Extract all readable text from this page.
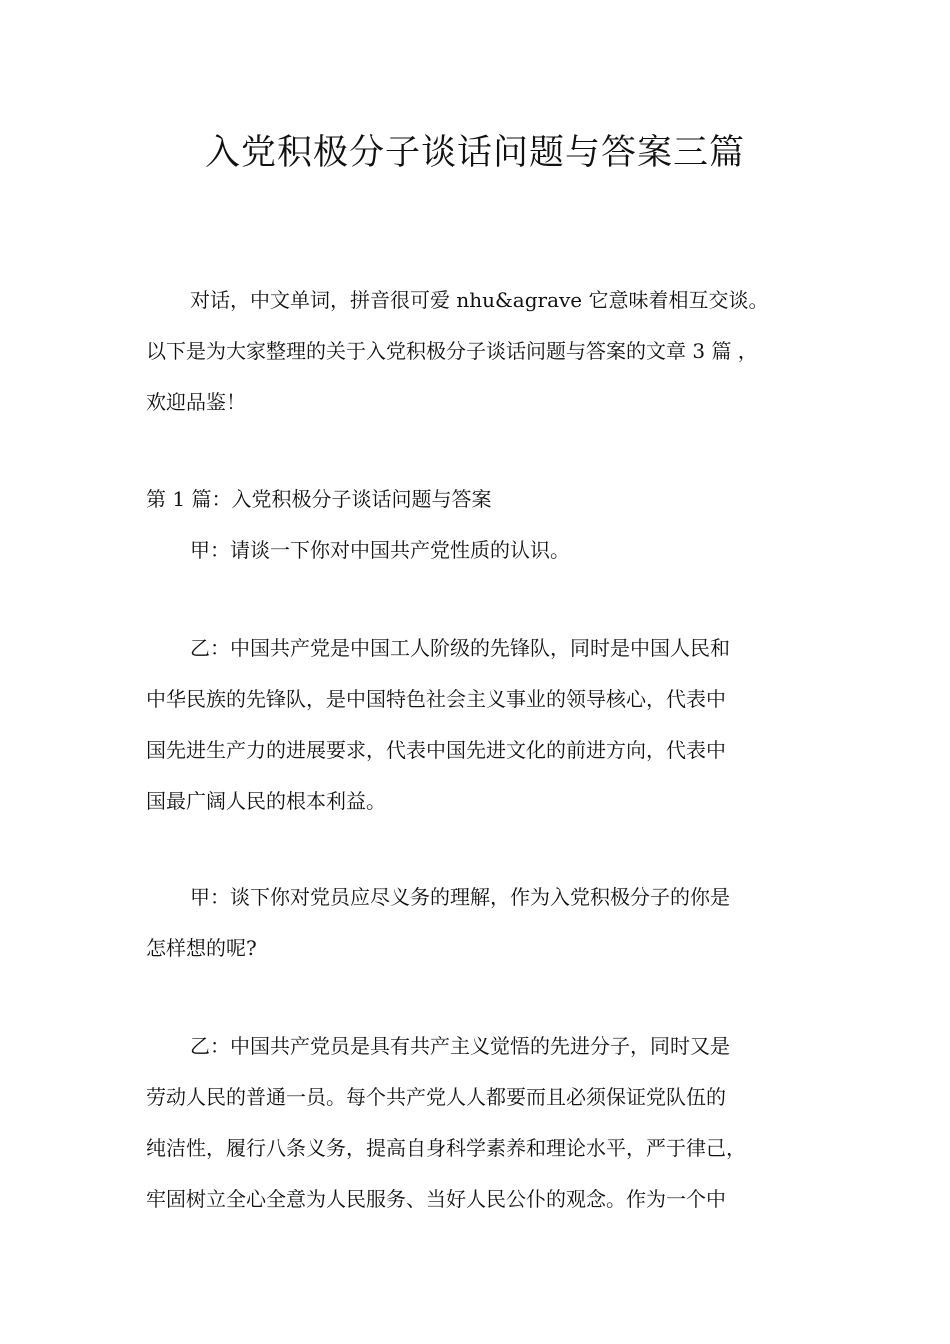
入党积极分子谈话问题与答案三篇
对话，中文单词，拼音很可爱 nhu&agrave 它意味着相互交谈。
以下是为大家整理的关于入党积极分子谈话问题与答案的文章 3 篇 ，
欢迎品鉴！
第 1 篇：入党积极分子谈话问题与答案
甲：请谈一下你对中国共产党性质的认识。
乙：中国共产党是中国工人阶级的先锋队，同时是中国人民和
中华民族的先锋队，是中国特色社会主义事业的领导核心，代表中
国先进生产力的进展要求，代表中国先进文化的前进方向，代表中
国最广阔人民的根本利益。
甲：谈下你对党员应尽义务的理解，作为入党积极分子的你是
怎样想的呢?
乙：中国共产党员是具有共产主义觉悟的先进分子，同时又是
劳动人民的普通一员。每个共产党人人都要而且必须保证党队伍的
纯洁性，履行八条义务，提高自身科学素养和理论水平，严于律己，
牢固树立全心全意为人民服务、当好人民公仆的观念。作为一个中
